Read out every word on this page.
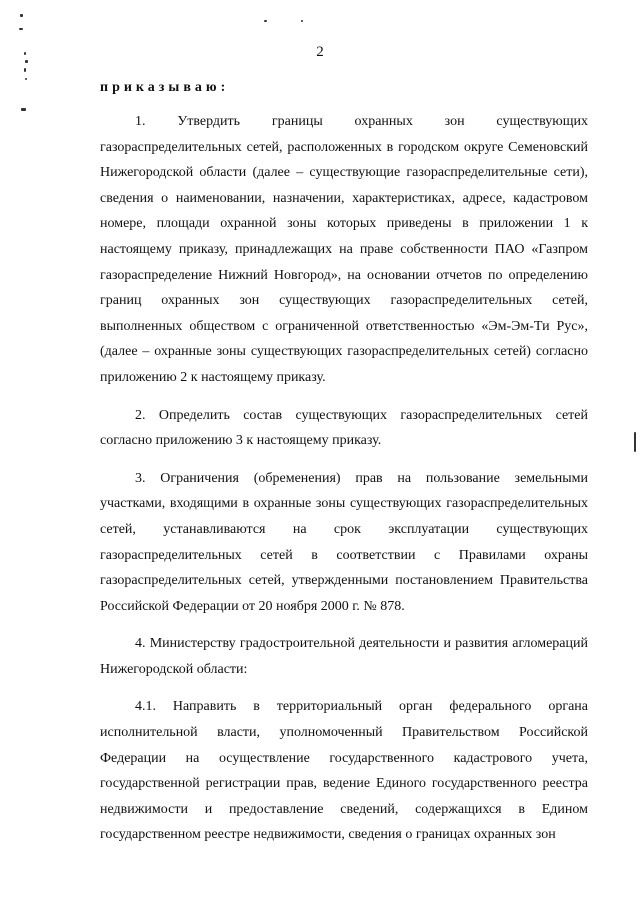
2
приказываю:

1. Утвердить границы охранных зон существующих газораспределительных сетей, расположенных в городском округе Семеновский Нижегородской области (далее – существующие газораспределительные сети), сведения о наименовании, назначении, характеристиках, адресе, кадастровом номере, площади охранной зоны которых приведены в приложении 1 к настоящему приказу, принадлежащих на праве собственности ПАО «Газпром газораспределение Нижний Новгород», на основании отчетов по определению границ охранных зон существующих газораспределительных сетей, выполненных обществом с ограниченной ответственностью «Эм-Эм-Ти Рус», (далее – охранные зоны существующих газораспределительных сетей) согласно приложению 2 к настоящему приказу.

2. Определить состав существующих газораспределительных сетей согласно приложению 3 к настоящему приказу.

3. Ограничения (обременения) прав на пользование земельными участками, входящими в охранные зоны существующих газораспределительных сетей, устанавливаются на срок эксплуатации существующих газораспределительных сетей в соответствии с Правилами охраны газораспределительных сетей, утвержденными постановлением Правительства Российской Федерации от 20 ноября 2000 г. № 878.

4. Министерству градостроительной деятельности и развития агломераций Нижегородской области:

4.1. Направить в территориальный орган федерального органа исполнительной власти, уполномоченный Правительством Российской Федерации на осуществление государственного кадастрового учета, государственной регистрации прав, ведение Единого государственного реестра недвижимости и предоставление сведений, содержащихся в Едином государственном реестре недвижимости, сведения о границах охранных зон
